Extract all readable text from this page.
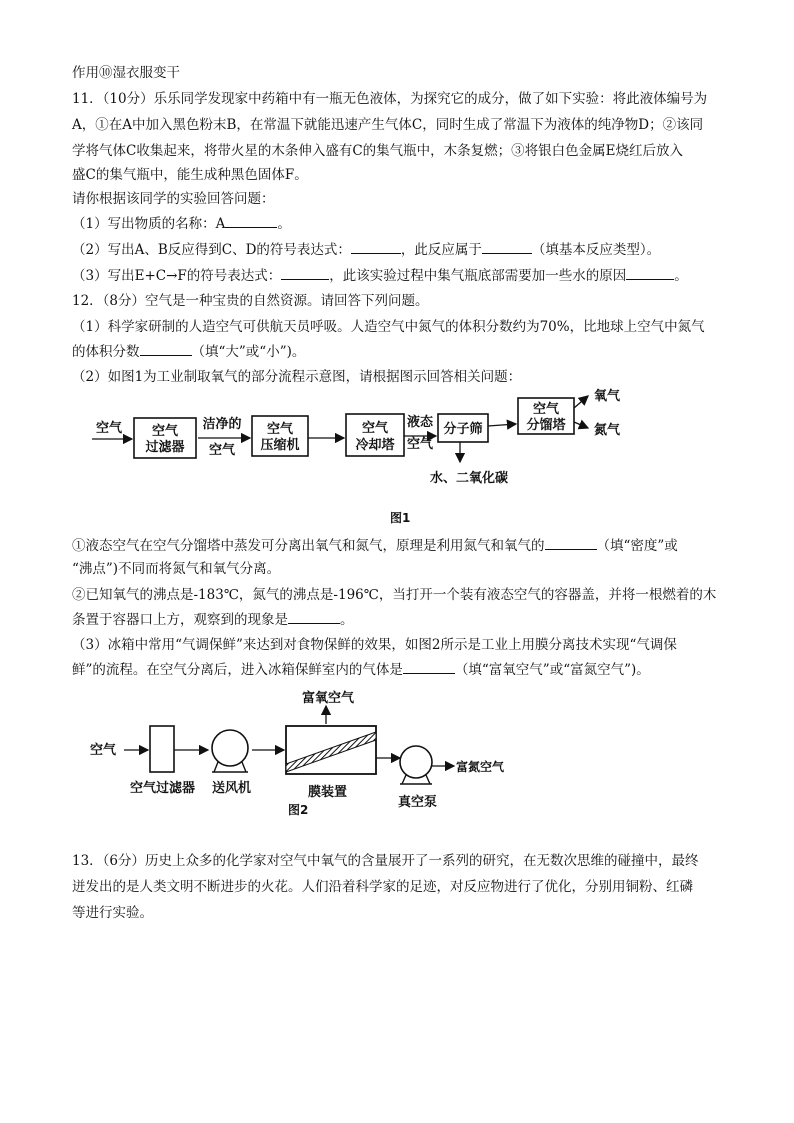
作用⑩湿衣服变干
11．（10分）乐乐同学发现家中药箱中有一瓶无色液体，为探究它的成分，做了如下实验：将此液体编号为
A，①在A中加入黑色粉末B，在常温下就能迅速产生气体C，同时生成了常温下为液体的纯净物D；②该同
学将气体C收集起来，将带火星的木条伸入盛有C的集气瓶中，木条复燃；③将银白色金属E烧红后放入
盛C的集气瓶中，能生成种黑色固体F。
请你根据该同学的实验回答问题：
（1）写出物质的名称：A	。
（2）写出A、B反应得到C、D的符号表达式：	，此反应属于	（填基本反应类型）。
（3）写出E+C→F的符号表达式：	，此该实验过程中集气瓶底部需要加一些水的原因	。
12．（8分）空气是一种宝贵的自然资源。请回答下列问题。
（1）科学家研制的人造空气可供航天员呼吸。人造空气中氮气的体积分数约为70%，比地球上空气中氮气
的体积分数	（填“大”或“小”)。
（2）如图1为工业制取氧气的部分流程示意图，请根据图示回答相关问题：
空气 空气
过滤器
洁净的
空气
空气
压缩机
空气
冷却塔
液态
空气
分子筛
水、二氧化碳
空气
分馏塔
氧气
氮气
图1
①液态空气在空气分馏塔中蒸发可分离出氧气和氮气，原理是利用氮气和氧气的	（填“密度”或
“沸点”)不同而将氮气和氧气分离。
②已知氧气的沸点是-183℃，氮气的沸点是-196℃，当打开一个装有液态空气的容器盖，并将一根燃着的木
条置于容器口上方，观察到的现象是	。
（3）冰箱中常用“气调保鲜”来达到对食物保鲜的效果，如图2所示是工业上用膜分离技术实现“气调保
鲜”的流程。在空气分离后，进入冰箱保鲜室内的气体是	（填“富氧空气”或“富氮空气”)。
空气
富氧空气
富氮空气
空气过滤器 送风机	膜装置
真空泵
图2
13．（6分）历史上众多的化学家对空气中氧气的含量展开了一系列的研究，在无数次思维的碰撞中，最终
迸发出的是人类文明不断进步的火花。人们沿着科学家的足迹，对反应物进行了优化，分别用铜粉、红磷
等进行实验。
